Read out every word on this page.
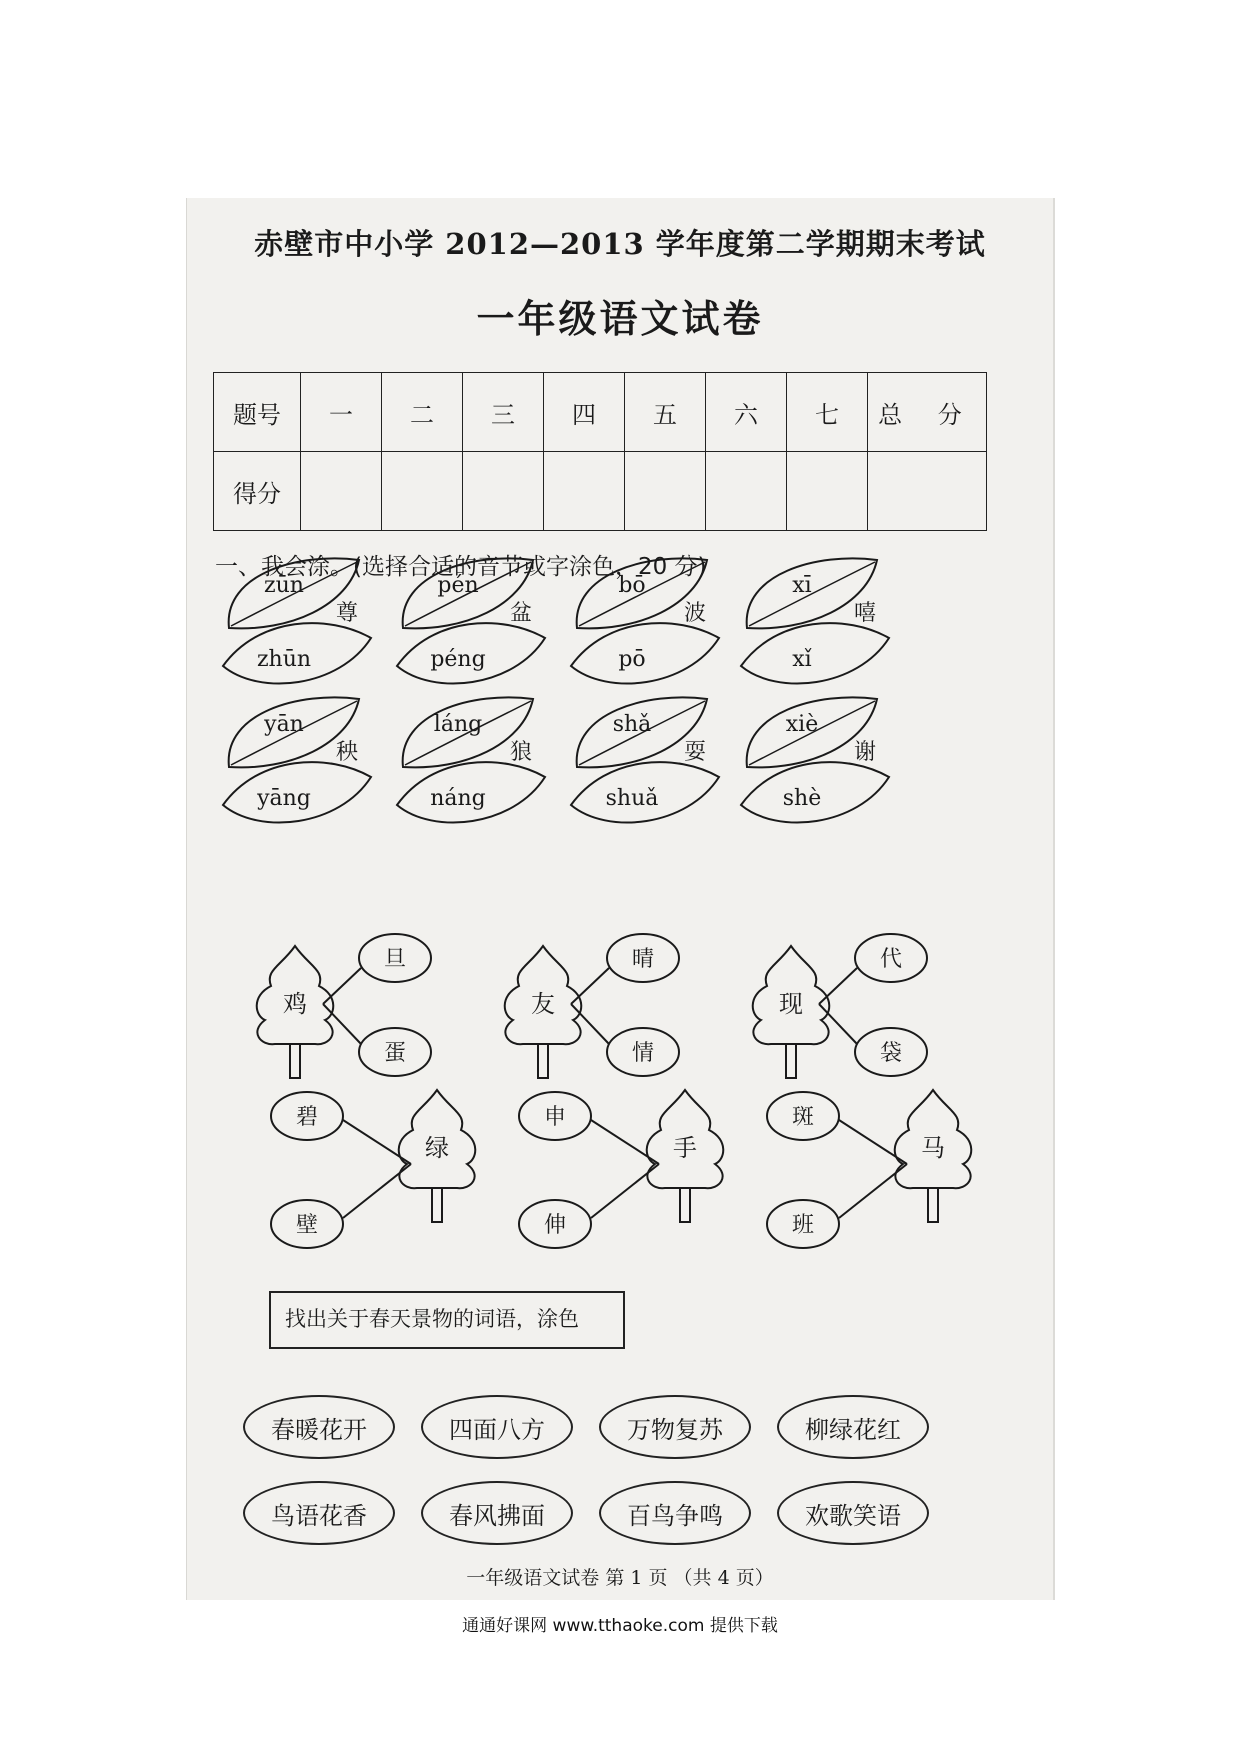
赤壁市中小学 2012—2013 学年度第二学期期末考试
一年级语文试卷
题号	一	二	三	四	五	六	七	总 分
得分								
一、我会涂。(选择合适的音节或字涂色，20 分)
zūn
zhūn
尊
pén
péng
盆
bō
pō
波
xī
xǐ
嘻
yān
yāng
秧
láng
náng
狼
shǎ
shuǎ
耍
xiè
shè
谢
鸡
旦
蛋
友
晴
情
现
代
袋
绿
碧
壁
手
申
伸
马
斑
班
找出关于春天景物的词语，涂色
春暖花开	四面八方	万物复苏	柳绿花红
鸟语花香	春风拂面	百鸟争鸣	欢歌笑语
一年级语文试卷 第 1 页 （共 4 页）
通通好课网 www.tthaoke.com 提供下载
